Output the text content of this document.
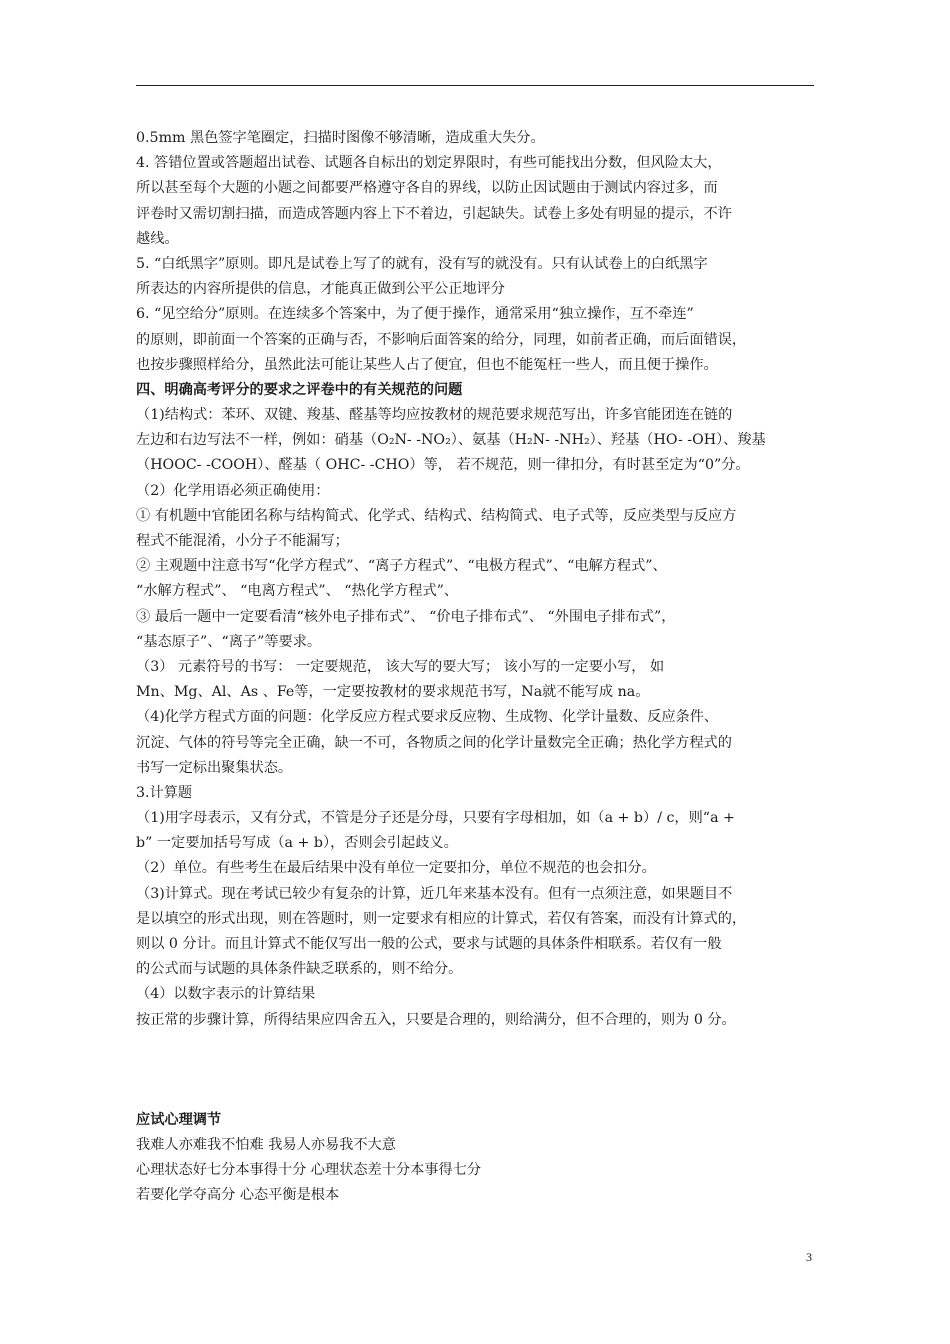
0.5mm 黑色签字笔圈定，扫描时图像不够清晰，造成重大失分。
4. 答错位置或答题超出试卷、试题各自标出的划定界限时，有些可能找出分数，但风险太大，
所以甚至每个大题的小题之间都要严格遵守各自的界线，以防止因试题由于测试内容过多，而
评卷时又需切割扫描，而造成答题内容上下不着边，引起缺失。试卷上多处有明显的提示，不许
越线。
5. “白纸黑字”原则。即凡是试卷上写了的就有，没有写的就没有。只有认试卷上的白纸黑字
所表达的内容所提供的信息，才能真正做到公平公正地评分
6. “见空给分”原则。在连续多个答案中，为了便于操作，通常采用“独立操作，互不牵连”
的原则，即前面一个答案的正确与否，不影响后面答案的给分，同理，如前者正确，而后面错误，
也按步骤照样给分，虽然此法可能让某些人占了便宜，但也不能冤枉一些人，而且便于操作。
四、明确高考评分的要求之评卷中的有关规范的问题
（1)结构式：苯环、双键、羧基、醛基等均应按教材的规范要求规范写出，许多官能团连在链的
左边和右边写法不一样，例如：硝基（O₂N- -NO₂）、氨基（H₂N- -NH₂）、羟基（HO- -OH）、羧基
（HOOC- -COOH）、醛基（ OHC- -CHO）等， 若不规范，则一律扣分，有时甚至定为“0”分。
（2）化学用语必须正确使用：
① 有机题中官能团名称与结构简式、化学式、结构式、结构简式、电子式等，反应类型与反应方
程式不能混淆，小分子不能漏写；
② 主观题中注意书写“化学方程式”、“离子方程式”、“电极方程式”、“电解方程式”、
“水解方程式”、 “电离方程式”、 “热化学方程式”、
③ 最后一题中一定要看清“核外电子排布式”、 “价电子排布式”、 “外围电子排布式”，
“基态原子”、“离子”等要求。
（3） 元素符号的书写： 一定要规范， 该大写的要大写； 该小写的一定要小写， 如
Mn、Mg、Al、As 、Fe等，一定要按教材的要求规范书写，Na就不能写成 na。
（4)化学方程式方面的问题：化学反应方程式要求反应物、生成物、化学计量数、反应条件、
沉淀、气体的符号等完全正确，缺一不可，各物质之间的化学计量数完全正确；热化学方程式的
书写一定标出聚集状态。
3.计算题
（1)用字母表示，又有分式，不管是分子还是分母，只要有字母相加，如（a + b）/ c，则“a +
b” 一定要加括号写成（a + b），否则会引起歧义。
（2）单位。有些考生在最后结果中没有单位一定要扣分，单位不规范的也会扣分。
（3)计算式。现在考试已较少有复杂的计算，近几年来基本没有。但有一点须注意，如果题目不
是以填空的形式出现，则在答题时，则一定要求有相应的计算式，若仅有答案，而没有计算式的，
则以 0 分计。而且计算式不能仅写出一般的公式，要求与试题的具体条件相联系。若仅有一般
的公式而与试题的具体条件缺乏联系的，则不给分。
（4）以数字表示的计算结果
按正常的步骤计算，所得结果应四舍五入，只要是合理的，则给满分，但不合理的，则为 0 分。
应试心理调节
我难人亦难我不怕难 我易人亦易我不大意
心理状态好七分本事得十分 心理状态差十分本事得七分
若要化学夺高分 心态平衡是根本
3
